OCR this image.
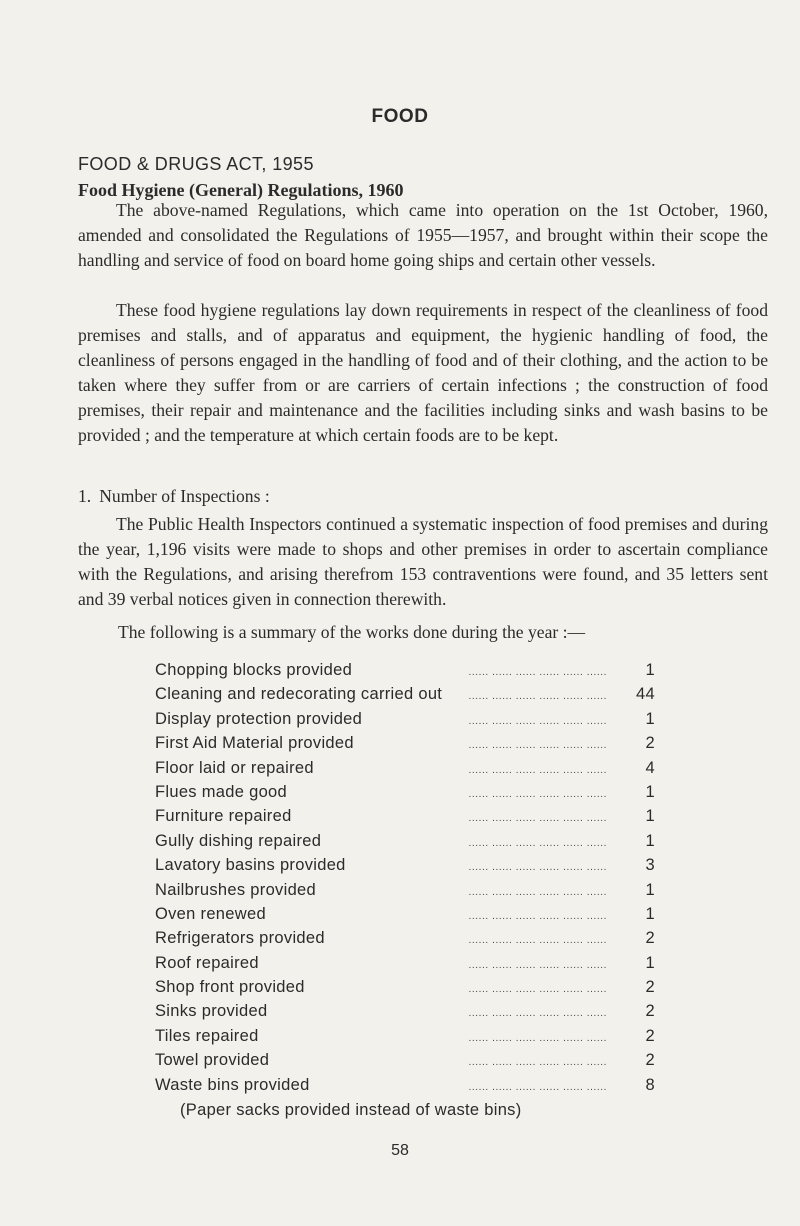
FOOD
FOOD & DRUGS ACT, 1955
Food Hygiene (General) Regulations, 1960

The above-named Regulations, which came into operation on the 1st October, 1960, amended and consolidated the Regulations of 1955—1957, and brought within their scope the handling and service of food on board home going ships and certain other vessels.

These food hygiene regulations lay down requirements in respect of the cleanliness of food premises and stalls, and of apparatus and equipment, the hygienic handling of food, the cleanliness of persons engaged in the handling of food and of their clothing, and the action to be taken where they suffer from or are carriers of certain infections ; the construction of food premises, their repair and maintenance and the facilities including sinks and wash basins to be provided ; and the temperature at which certain foods are to be kept.

1. Number of Inspections :

The Public Health Inspectors continued a systematic inspection of food premises and during the year, 1,196 visits were made to shops and other premises in order to ascertain compliance with the Regulations, and arising therefrom 153 contraventions were found, and 35 letters sent and 39 verbal notices given in connection therewith.

The following is a summary of the works done during the year :—
Chopping blocks provided	...... ...... ...... ...... ...... ......	1
Cleaning and redecorating carried out	...... ...... ...... ...... ...... ......	44
Display protection provided	...... ...... ...... ...... ...... ......	1
First Aid Material provided	...... ...... ...... ...... ...... ......	2
Floor laid or repaired	...... ...... ...... ...... ...... ......	4
Flues made good	...... ...... ...... ...... ...... ......	1
Furniture repaired	...... ...... ...... ...... ...... ......	1
Gully dishing repaired	...... ...... ...... ...... ...... ......	1
Lavatory basins provided	...... ...... ...... ...... ...... ......	3
Nailbrushes provided	...... ...... ...... ...... ...... ......	1
Oven renewed	...... ...... ...... ...... ...... ......	1
Refrigerators provided	...... ...... ...... ...... ...... ......	2
Roof repaired	...... ...... ...... ...... ...... ......	1
Shop front provided	...... ...... ...... ...... ...... ......	2
Sinks provided	...... ...... ...... ...... ...... ......	2
Tiles repaired	...... ...... ...... ...... ...... ......	2
Towel provided	...... ...... ...... ...... ...... ......	2
Waste bins provided	...... ...... ...... ...... ...... ......	8
(Paper sacks provided instead of waste bins)
58
